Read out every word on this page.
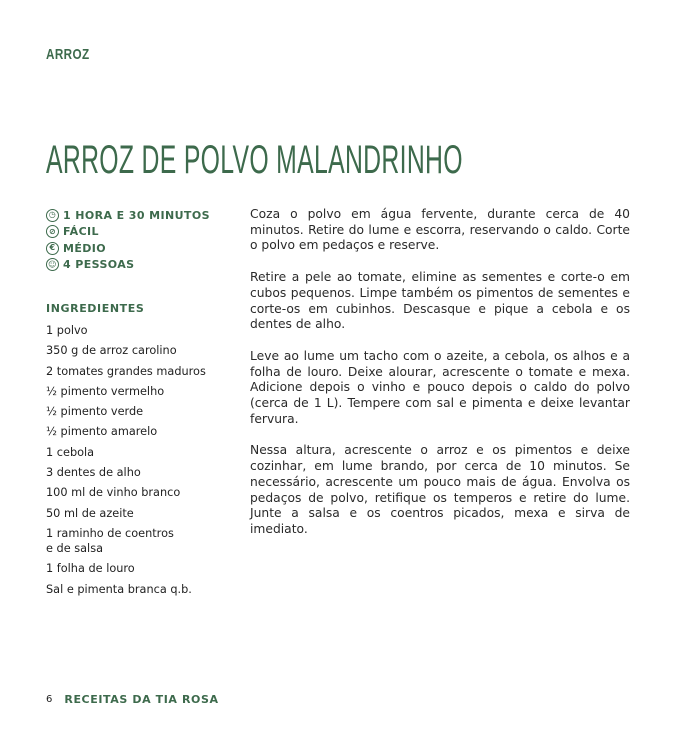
ARROZ
ARROZ DE POLVO MALANDRINHO
◷ 1 HORA E 30 MINUTOS
⊘ FÁCIL
€ MÉDIO
☺ 4 PESSOAS
INGREDIENTES
1 polvo
350 g de arroz carolino
2 tomates grandes maduros
½ pimento vermelho
½ pimento verde
½ pimento amarelo
1 cebola
3 dentes de alho
100 ml de vinho branco
50 ml de azeite
1 raminho de coentros
e de salsa
1 folha de louro
Sal e pimenta branca q.b.

Coza o polvo em água fervente, durante cerca de 40 minutos. Retire do lume e escorra, reservando o caldo. Corte o polvo em pedaços e reserve.

Retire a pele ao tomate, elimine as sementes e corte-o em cubos pequenos. Limpe também os pimentos de sementes e corte-os em cubinhos. Descasque e pique a cebola e os dentes de alho.

Leve ao lume um tacho com o azeite, a cebola, os alhos e a folha de louro. Deixe alourar, acrescente o tomate e mexa. Adicione depois o vinho e pouco depois o caldo do polvo (cerca de 1 L). Tempere com sal e pimenta e deixe levantar fervura.

Nessa altura, acrescente o arroz e os pimentos e deixe cozinhar, em lume brando, por cerca de 10 minutos. Se necessário, acrescente um pouco mais de água. Envolva os pedaços de polvo, retifique os temperos e retire do lume. Junte a salsa e os coentros picados, mexa e sirva de imediato.

6 RECEITAS DA TIA ROSA
